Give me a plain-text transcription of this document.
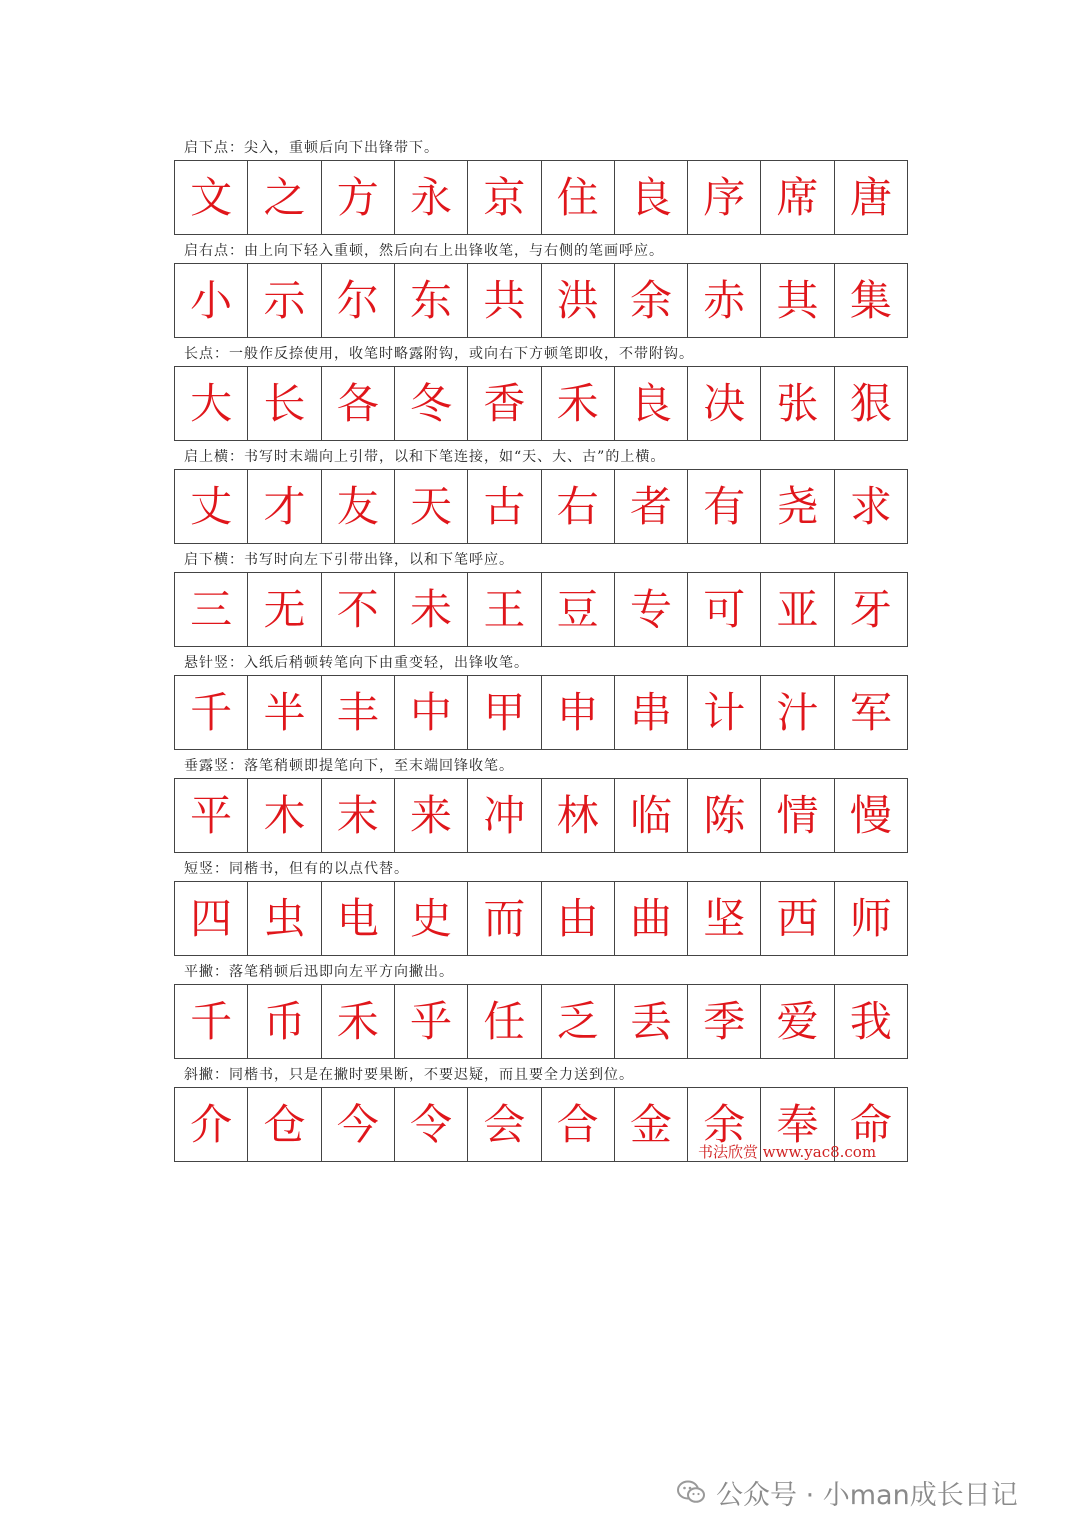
启下点：尖入，重顿后向下出锋带下。
文 之 方 永 京 住 良 序 席 唐
启右点：由上向下轻入重顿，然后向右上出锋收笔，与右侧的笔画呼应。
小 示 尔 东 共 洪 余 赤 其 集
长点：一般作反捺使用，收笔时略露附钩，或向右下方顿笔即收，不带附钩。
大 长 各 冬 香 禾 良 决 张 狠
启上横：书写时末端向上引带，以和下笔连接，如“天、大、古”的上横。
丈 才 友 天 古 右 者 有 尧 求
启下横：书写时向左下引带出锋，以和下笔呼应。
三 无 不 未 王 豆 专 可 亚 牙
悬针竖：入纸后稍顿转笔向下由重变轻，出锋收笔。
千 半 丰 中 甲 申 串 计 汁 军
垂露竖：落笔稍顿即提笔向下，至末端回锋收笔。
平 木 末 来 冲 林 临 陈 情 慢
短竖：同楷书，但有的以点代替。
四 虫 电 史 而 由 曲 坚 西 师
平撇：落笔稍顿后迅即向左平方向撇出。
千 币 禾 乎 任 乏 丢 季 爱 我
斜撇：同楷书，只是在撇时要果断，不要迟疑，而且要全力送到位。
介 仓 今 令 会 合 金 余 奉 命
书法欣赏 www.yac8.com
公众号 · 小man成长日记
